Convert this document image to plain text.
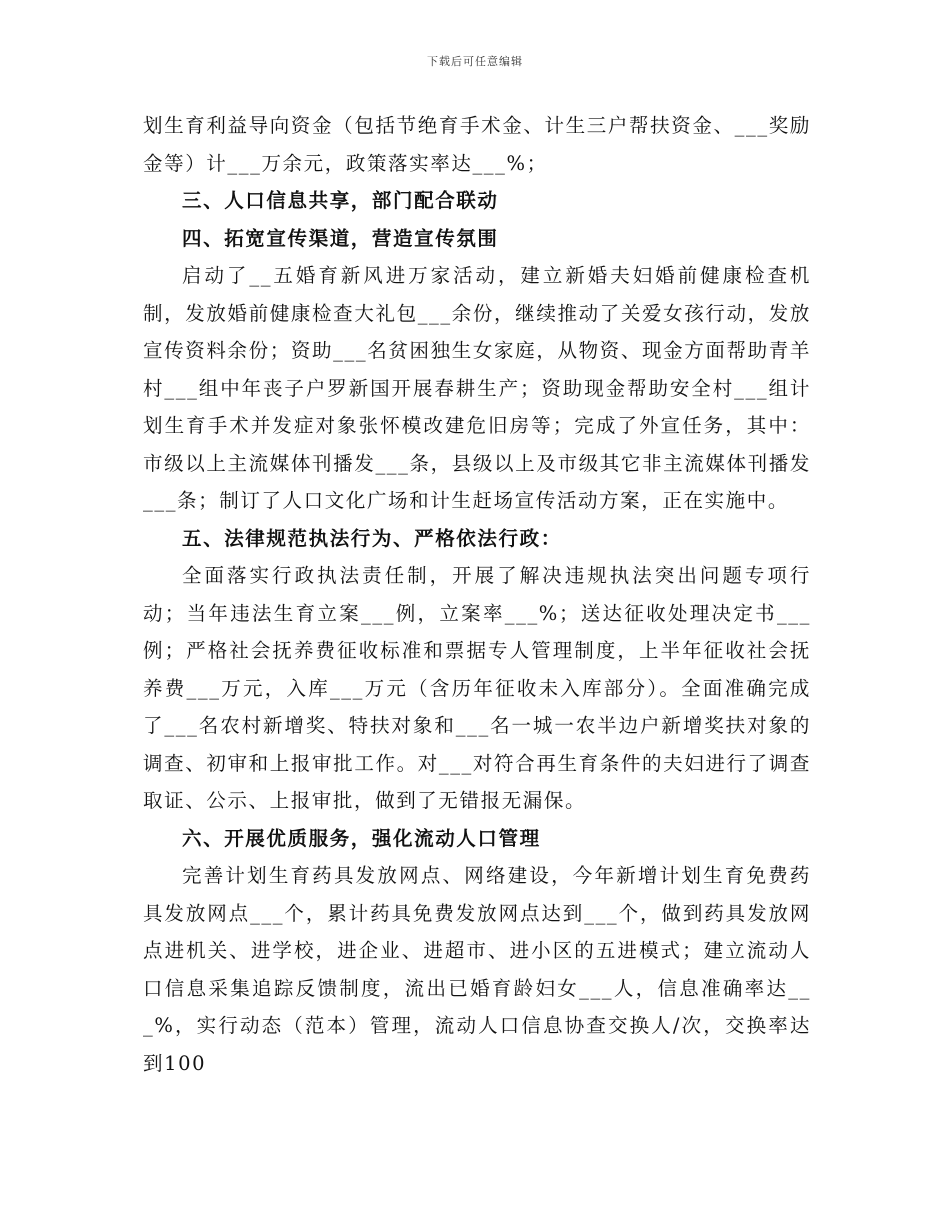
下载后可任意编辑

划生育利益导向资金（包括节绝育手术金、计生三户帮扶资金、___奖励金等）计___万余元，政策落实率达___%；

三、人口信息共享，部门配合联动

四、拓宽宣传渠道，营造宣传氛围

启动了__五婚育新风进万家活动，建立新婚夫妇婚前健康检查机制，发放婚前健康检查大礼包___余份，继续推动了关爱女孩行动，发放宣传资料余份；资助___名贫困独生女家庭，从物资、现金方面帮助青羊村___组中年丧子户罗新国开展春耕生产；资助现金帮助安全村___组计划生育手术并发症对象张怀模改建危旧房等；完成了外宣任务，其中：市级以上主流媒体刊播发___条，县级以上及市级其它非主流媒体刊播发___条；制订了人口文化广场和计生赶场宣传活动方案，正在实施中。

五、法律规范执法行为、严格依法行政：

全面落实行政执法责任制，开展了解决违规执法突出问题专项行动；当年违法生育立案___例，立案率___%；送达征收处理决定书___例；严格社会抚养费征收标准和票据专人管理制度，上半年征收社会抚养费___万元，入库___万元（含历年征收未入库部分）。全面准确完成了___名农村新增奖、特扶对象和___名一城一农半边户新增奖扶对象的调查、初审和上报审批工作。对___对符合再生育条件的夫妇进行了调查取证、公示、上报审批，做到了无错报无漏保。

六、开展优质服务，强化流动人口管理

完善计划生育药具发放网点、网络建设，今年新增计划生育免费药具发放网点___个，累计药具免费发放网点达到___个，做到药具发放网点进机关、进学校，进企业、进超市、进小区的五进模式；建立流动人口信息采集追踪反馈制度，流出已婚育龄妇女___人，信息准确率达___%，实行动态（范本）管理，流动人口信息协查交换人/次，交换率达到100
